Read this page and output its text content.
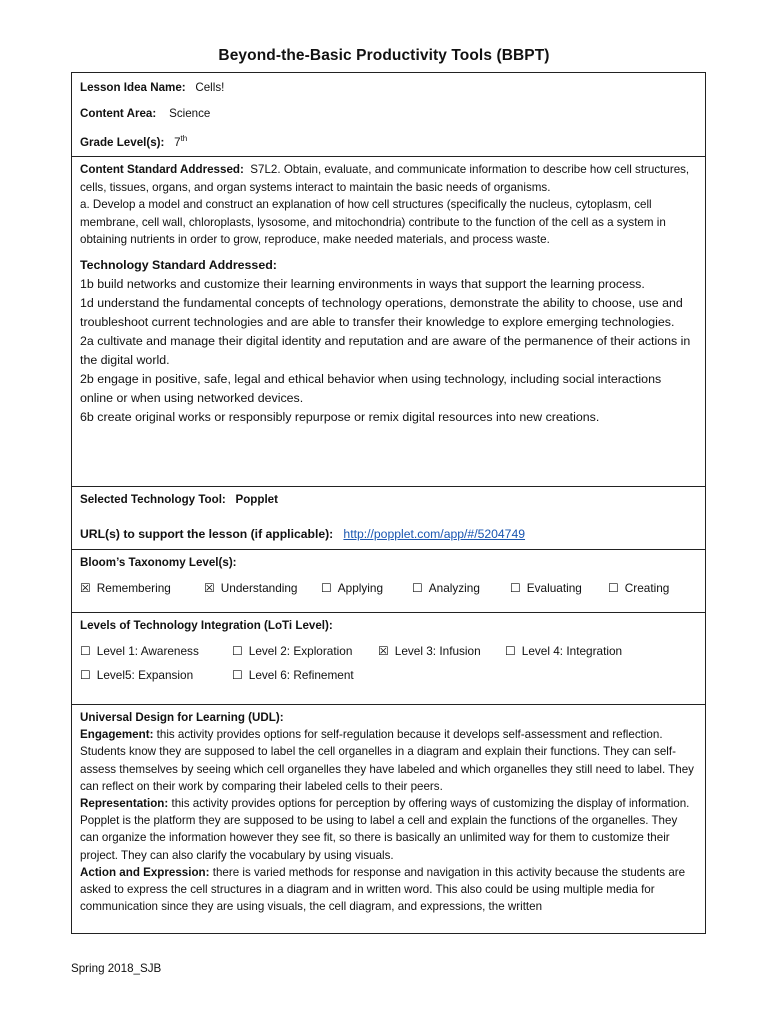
Beyond-the-Basic Productivity Tools (BBPT)
Lesson Idea Name: Cells!
Content Area: Science
Grade Level(s): 7th
Content Standard Addressed: S7L2. Obtain, evaluate, and communicate information to describe how cell structures, cells, tissues, organs, and organ systems interact to maintain the basic needs of organisms.
a. Develop a model and construct an explanation of how cell structures (specifically the nucleus, cytoplasm, cell membrane, cell wall, chloroplasts, lysosome, and mitochondria) contribute to the function of the cell as a system in obtaining nutrients in order to grow, reproduce, make needed materials, and process waste.
Technology Standard Addressed:
1b build networks and customize their learning environments in ways that support the learning process.
1d understand the fundamental concepts of technology operations, demonstrate the ability to choose, use and troubleshoot current technologies and are able to transfer their knowledge to explore emerging technologies.
2a cultivate and manage their digital identity and reputation and are aware of the permanence of their actions in the digital world.
2b engage in positive, safe, legal and ethical behavior when using technology, including social interactions online or when using networked devices.
6b create original works or responsibly repurpose or remix digital resources into new creations.
Selected Technology Tool: Popplet
URL(s) to support the lesson (if applicable): http://popplet.com/app/#/5204749
Bloom’s Taxonomy Level(s):
☒ Remembering	☒ Understanding ☐ Applying ☐ Analyzing	☐ Evaluating ☐ Creating
Levels of Technology Integration (LoTi Level):
☐ Level 1: Awareness	☐ Level 2: Exploration ☒ Level 3: Infusion ☐ Level 4: Integration
☐ Level5: Expansion	☐ Level 6: Refinement
Universal Design for Learning (UDL):
Engagement: this activity provides options for self-regulation because it develops self-assessment and reflection. Students know they are supposed to label the cell organelles in a diagram and explain their functions. They can self-assess themselves by seeing which cell organelles they have labeled and which organelles they still need to label. They can reflect on their work by comparing their labeled cells to their peers.
Representation: this activity provides options for perception by offering ways of customizing the display of information. Popplet is the platform they are supposed to be using to label a cell and explain the functions of the organelles. They can organize the information however they see fit, so there is basically an unlimited way for them to customize their project. They can also clarify the vocabulary by using visuals.
Action and Expression: there is varied methods for response and navigation in this activity because the students are asked to express the cell structures in a diagram and in written word. This also could be using multiple media for communication since they are using visuals, the cell diagram, and expressions, the written
Spring 2018_SJB
